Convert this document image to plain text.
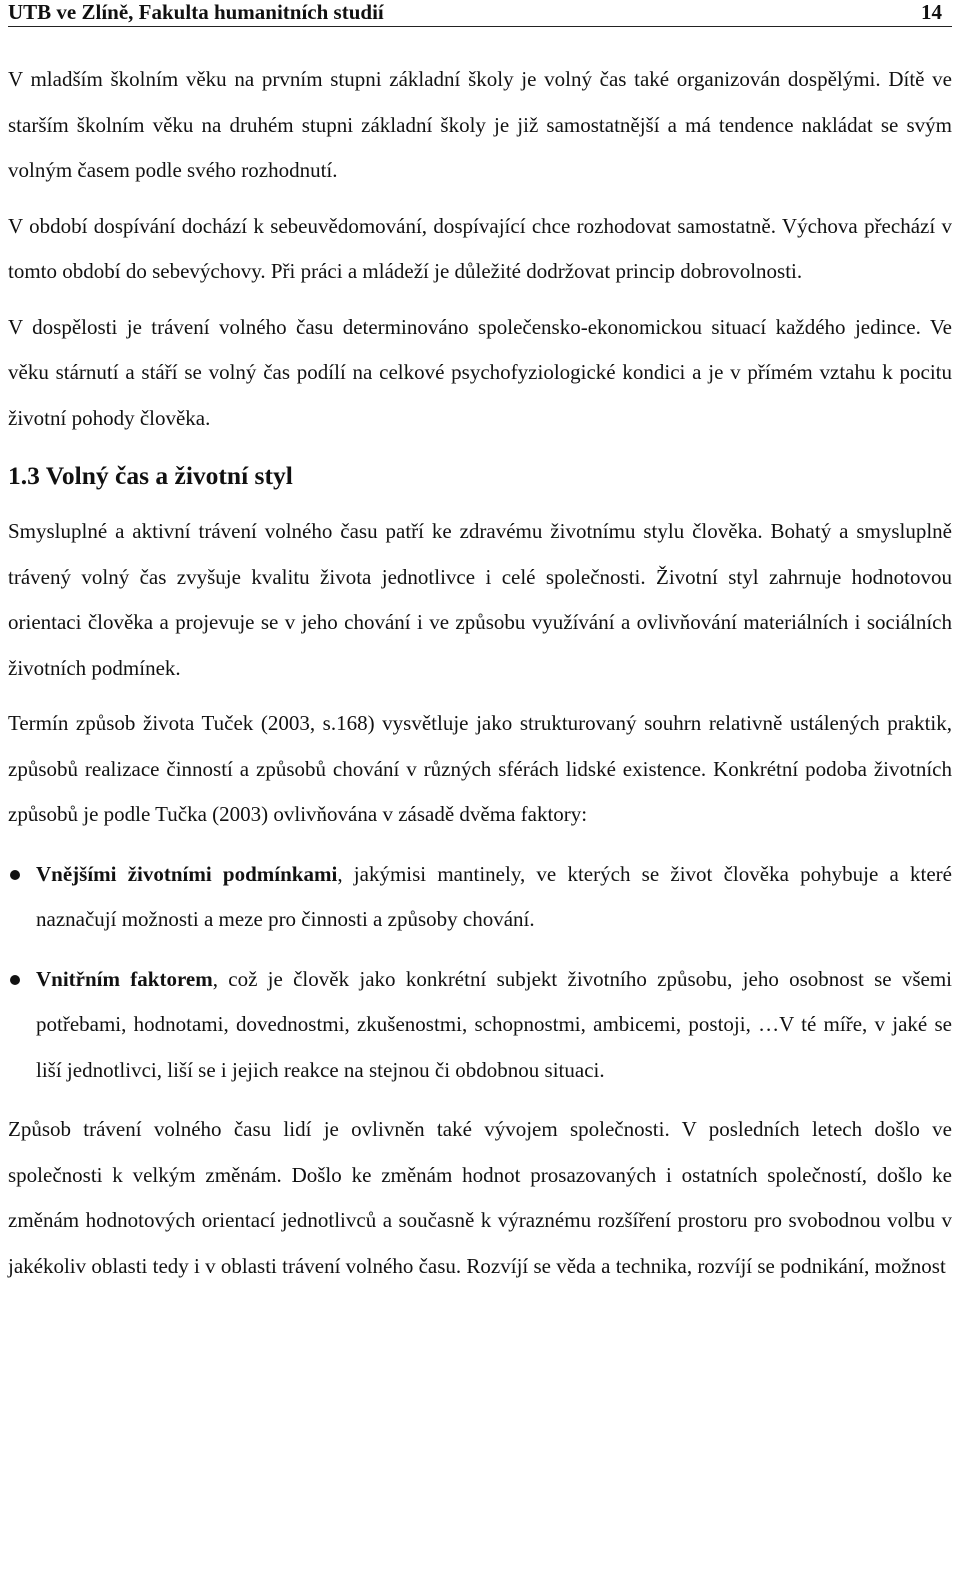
UTB ve Zlíně, Fakulta humanitních studií	14

V mladším školním věku na prvním stupni základní školy je volný čas také organizován dospělými. Dítě ve starším školním věku na druhém stupni základní školy je již samostatnější a má tendence nakládat se svým volným časem podle svého rozhodnutí.

V období dospívání dochází k sebeuvědomování, dospívající chce rozhodovat samostatně. Výchova přechází v tomto období do sebevýchovy. Při práci a mládeží je důležité dodržovat princip dobrovolnosti.

V dospělosti je trávení volného času determinováno společensko-ekonomickou situací každého jedince. Ve věku stárnutí a stáří se volný čas podílí na celkové psychofyziologické kondici a je v přímém vztahu k pocitu životní pohody člověka.

1.3 Volný čas a životní styl

Smysluplné a aktivní trávení volného času patří ke zdravému životnímu stylu člověka. Bohatý a smysluplně trávený volný čas zvyšuje kvalitu života jednotlivce i celé společnosti. Životní styl zahrnuje hodnotovou orientaci člověka a projevuje se v jeho chování i ve způsobu využívání a ovlivňování materiálních i sociálních životních podmínek.

Termín způsob života Tuček (2003, s.168) vysvětluje jako strukturovaný souhrn relativně ustálených praktik, způsobů realizace činností a způsobů chování v různých sférách lidské existence. Konkrétní podoba životních způsobů je podle Tučka (2003) ovlivňována v zásadě dvěma faktory:

Vnějšími životními podmínkami, jakýmisi mantinely, ve kterých se život člověka pohybuje a které naznačují možnosti a meze pro činnosti a způsoby chování.
Vnitřním faktorem, což je člověk jako konkrétní subjekt životního způsobu, jeho osobnost se všemi potřebami, hodnotami, dovednostmi, zkušenostmi, schopnostmi, ambicemi, postoji, …V té míře, v jaké se liší jednotlivci, liší se i jejich reakce na stejnou či obdobnou situaci.

Způsob trávení volného času lidí je ovlivněn také vývojem společnosti. V posledních letech došlo ve společnosti k velkým změnám. Došlo ke změnám hodnot prosazovaných i ostatních společností, došlo ke změnám hodnotových orientací jednotlivců a současně k výraznému rozšíření prostoru pro svobodnou volbu v jakékoliv oblasti tedy i v oblasti trávení volného času. Rozvíjí se věda a technika, rozvíjí se podnikání, možnost
